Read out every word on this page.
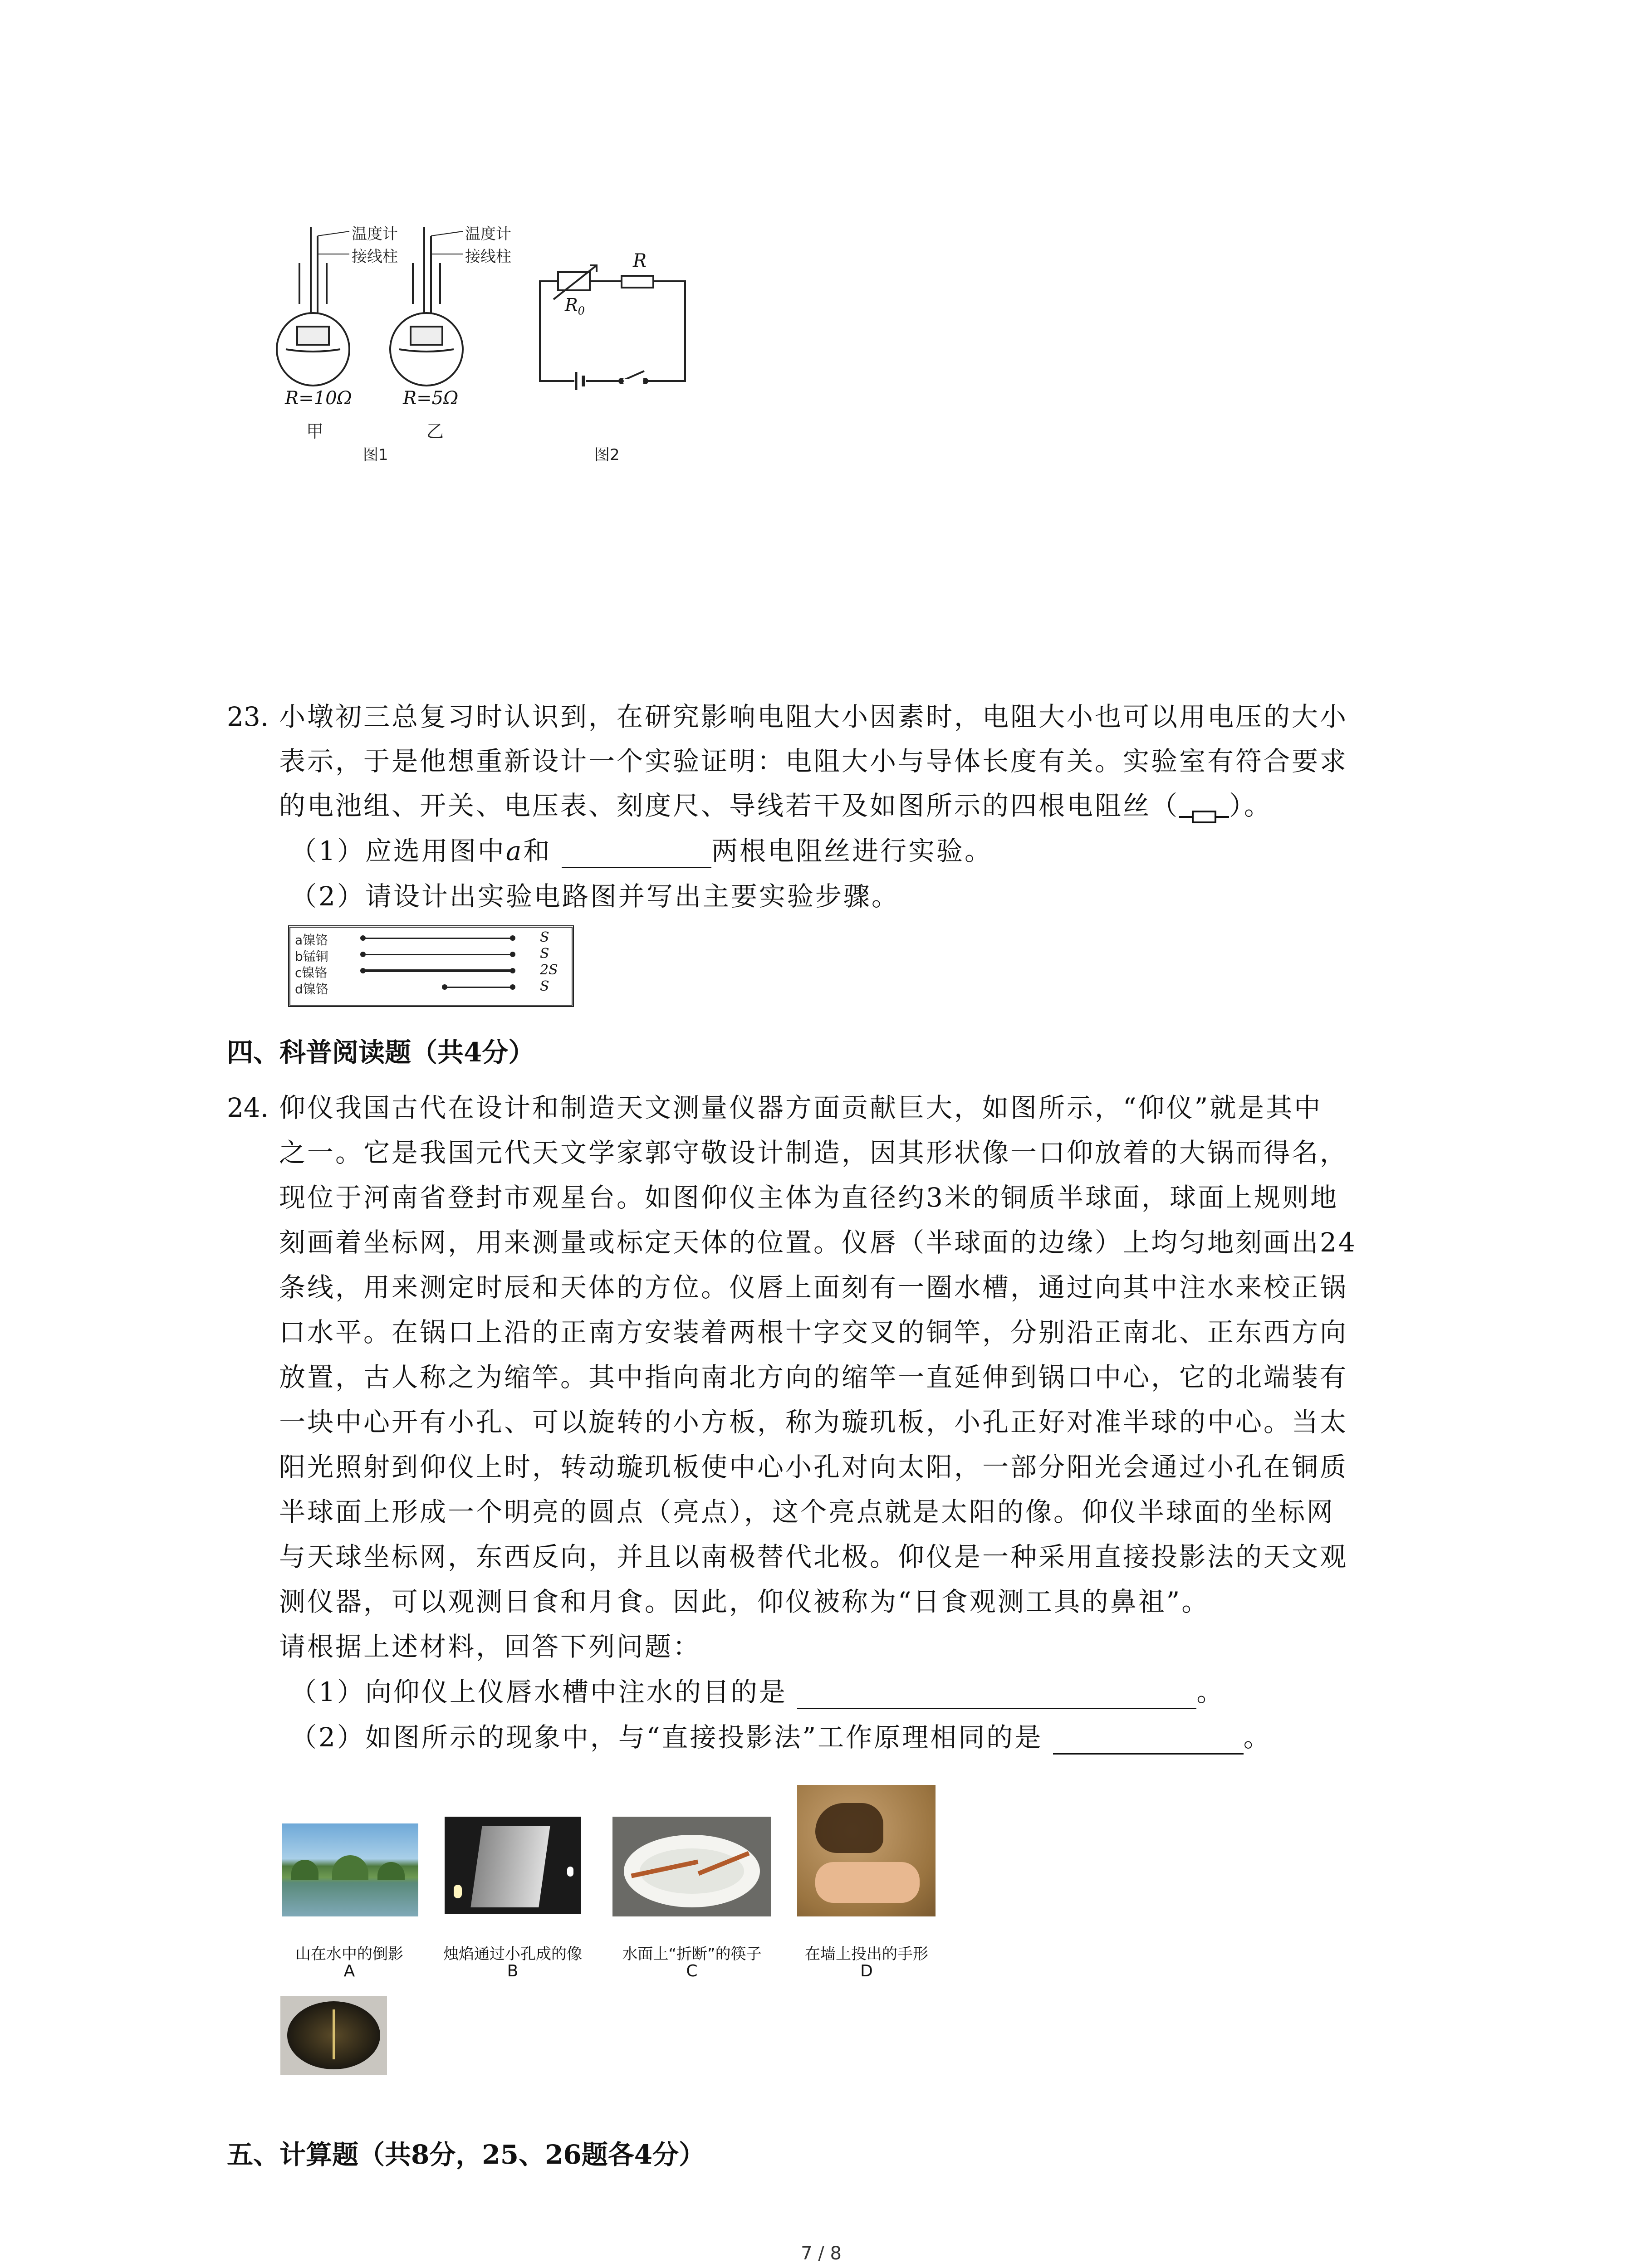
温度计
接线柱
温度计
接线柱
R=10Ω	R=5Ω
甲	乙
图1
R
$R_0$
图2
23. 小墩初三总复习时认识到，在研究影响电阻大小因素时，电阻大小也可以用电压的大小
表示，于是他想重新设计一个实验证明：电阻大小与导体长度有关。实验室有符合要求
的电池组、开关、电压表、刻度尺、导线若干及如图所示的四根电阻丝（ ）。
（1）应选用图中a和	两根电阻丝进行实验。
（2）请设计出实验电路图并写出主要实验步骤。
a镍铬	S
b锰铜	S
c镍铬	2S
d镍铬	S
四、科普阅读题（共4分）
24. 仰仪我国古代在设计和制造天文测量仪器方面贡献巨大，如图所示，“仰仪”就是其中
之一。它是我国元代天文学家郭守敬设计制造，因其形状像一口仰放着的大锅而得名，
现位于河南省登封市观星台。如图仰仪主体为直径约3米的铜质半球面，球面上规则地
刻画着坐标网，用来测量或标定天体的位置。仪唇（半球面的边缘）上均匀地刻画出24
条线，用来测定时辰和天体的方位。仪唇上面刻有一圈水槽，通过向其中注水来校正锅
口水平。在锅口上沿的正南方安装着两根十字交叉的铜竿，分别沿正南北、正东西方向
放置，古人称之为缩竿。其中指向南北方向的缩竿一直延伸到锅口中心，它的北端装有
一块中心开有小孔、可以旋转的小方板，称为璇玑板，小孔正好对准半球的中心。当太
阳光照射到仰仪上时，转动璇玑板使中心小孔对向太阳，一部分阳光会通过小孔在铜质
半球面上形成一个明亮的圆点（亮点），这个亮点就是太阳的像。仰仪半球面的坐标网
与天球坐标网，东西反向，并且以南极替代北极。仰仪是一种采用直接投影法的天文观
测仪器，可以观测日食和月食。因此，仰仪被称为“日食观测工具的鼻祖”。
请根据上述材料，回答下列问题：
（1）向仰仪上仪唇水槽中注水的目的是	。
（2）如图所示的现象中，与“直接投影法”工作原理相同的是	。
山在水中的倒影
A
烛焰通过小孔成的像
B
水面上“折断”的筷子
C
在墙上投出的手形
D
五、计算题（共8分，25、26题各4分）
7 / 8
